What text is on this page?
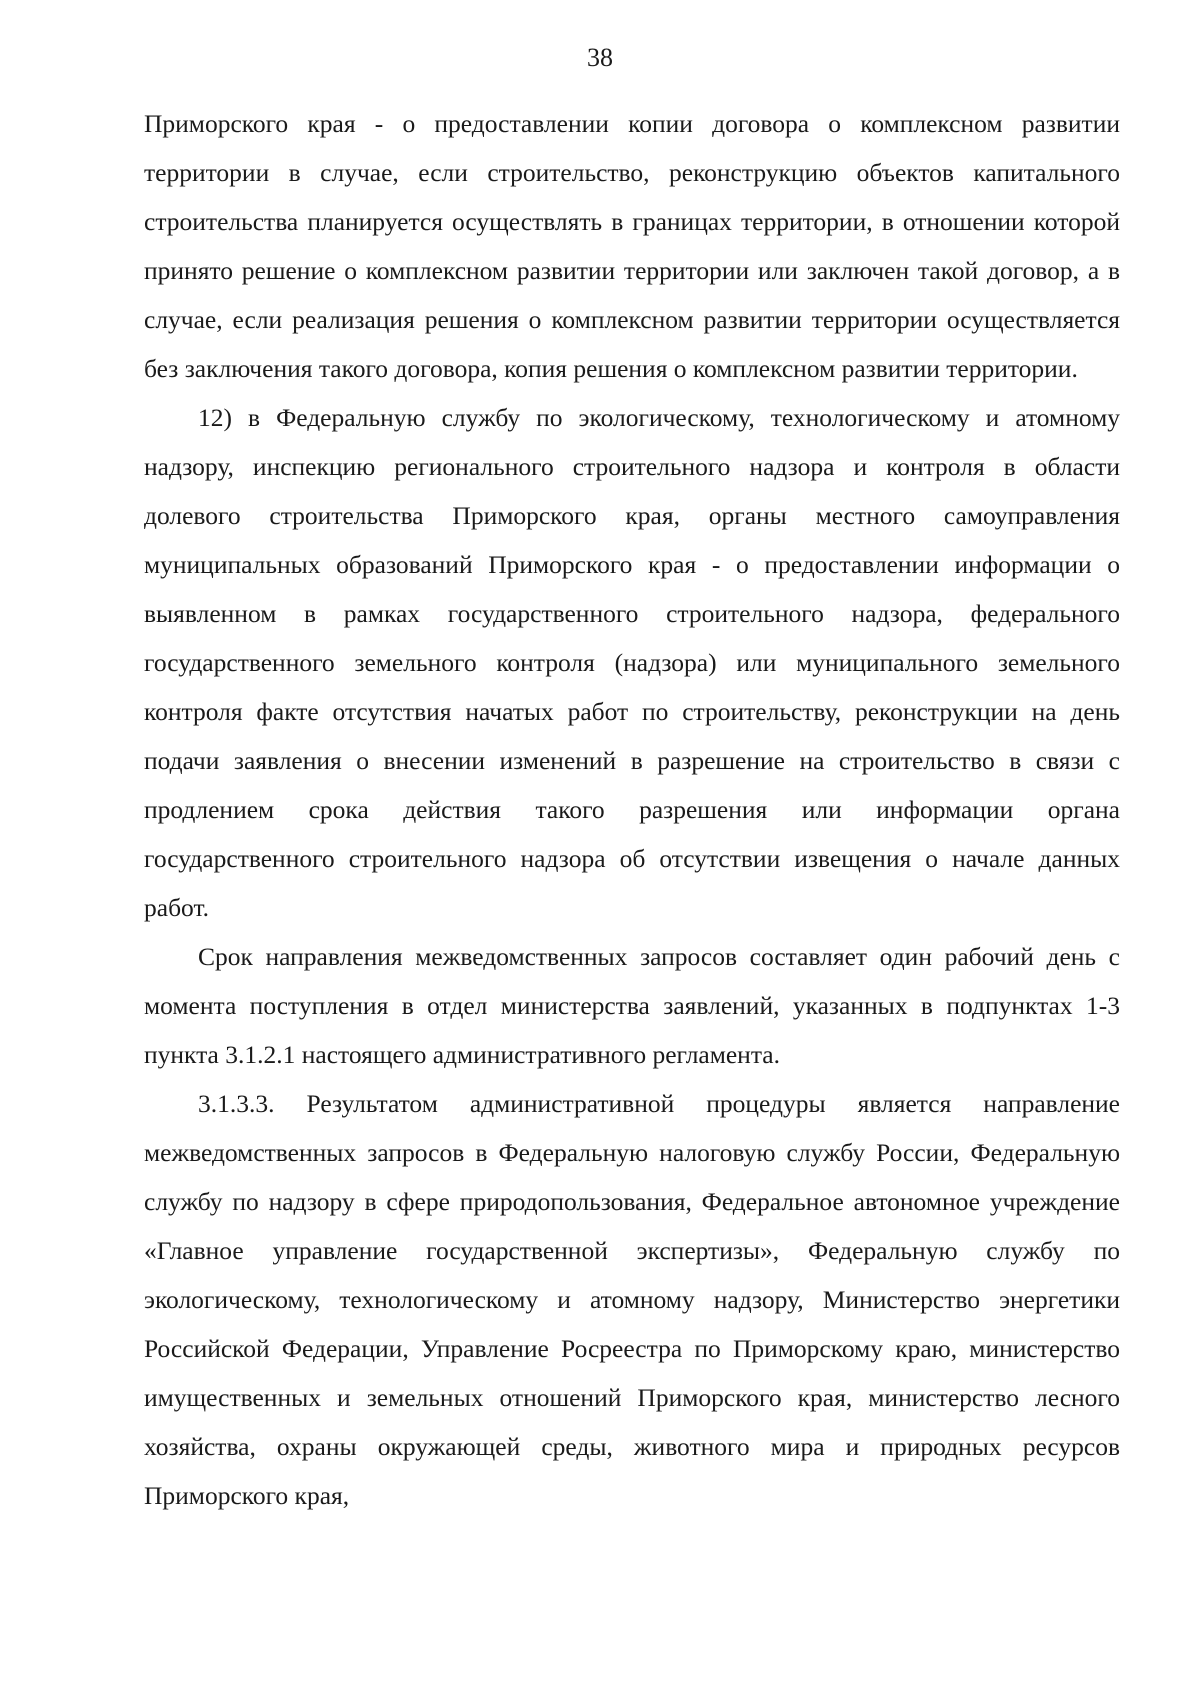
38

Приморского края - о предоставлении копии договора о комплексном развитии территории в случае, если строительство, реконструкцию объектов капитального строительства планируется осуществлять в границах территории, в отношении которой принято решение о комплексном развитии территории или заключен такой договор, а в случае, если реализация решения о комплексном развитии территории осуществляется без заключения такого договора, копия решения о комплексном развитии территории.

12) в Федеральную службу по экологическому, технологическому и атомному надзору, инспекцию регионального строительного надзора и контроля в области долевого строительства Приморского края, органы местного самоуправления муниципальных образований Приморского края - о предоставлении информации о выявленном в рамках государственного строительного надзора, федерального государственного земельного контроля (надзора) или муниципального земельного контроля факте отсутствия начатых работ по строительству, реконструкции на день подачи заявления о внесении изменений в разрешение на строительство в связи с продлением срока действия такого разрешения или информации органа государственного строительного надзора об отсутствии извещения о начале данных работ.

Срок направления межведомственных запросов составляет один рабочий день с момента поступления в отдел министерства заявлений, указанных в подпунктах 1-3 пункта 3.1.2.1 настоящего административного регламента.

3.1.3.3. Результатом административной процедуры является направление межведомственных запросов в Федеральную налоговую службу России, Федеральную службу по надзору в сфере природопользования, Федеральное автономное учреждение «Главное управление государственной экспертизы», Федеральную службу по экологическому, технологическому и атомному надзору, Министерство энергетики Российской Федерации, Управление Росреестра по Приморскому краю, министерство имущественных и земельных отношений Приморского края, министерство лесного хозяйства, охраны окружающей среды, животного мира и природных ресурсов Приморского края,
